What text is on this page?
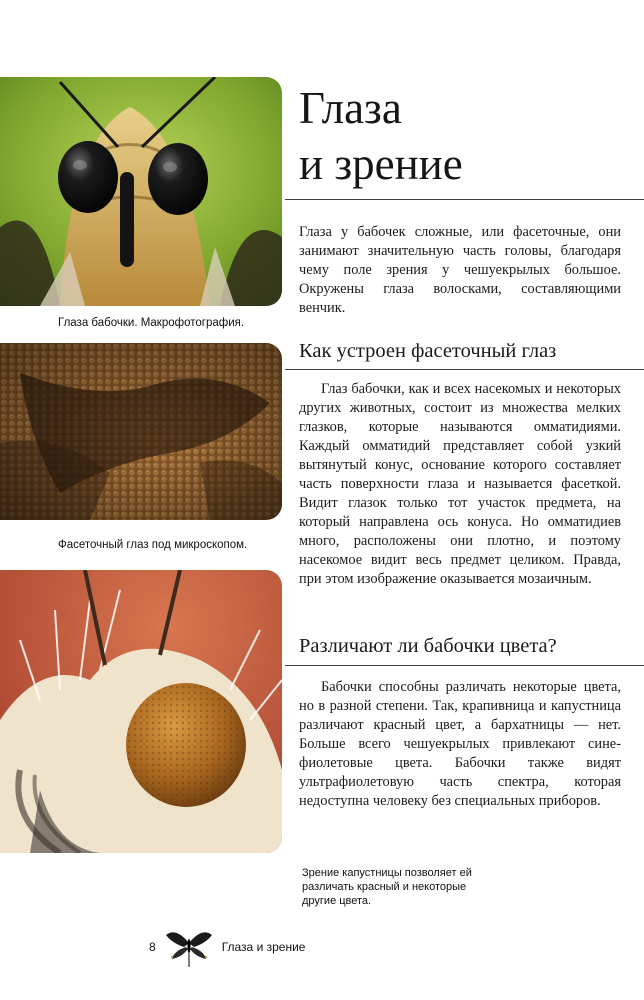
Глаза бабочки. Макрофотография.
Фасеточный глаз под микроскопом.
Зрение капустницы позволяет ей различать красный и некоторые другие цвета.
Глаза
и зрение

Глаза у бабочек сложные, или фасеточные, они занимают значительную часть головы, благодаря чему поле зрения у чешуекрылых большое. Окружены глаза волосками, составляющими венчик.

Как устроен фасеточный глаз

Глаз бабочки, как и всех насекомых и некоторых других животных, состоит из множества мелких глазков, которые называются омматидиями. Каждый омматидий представляет собой узкий вытянутый конус, основание которого составляет часть поверхности глаза и называется фасеткой. Видит глазок только тот участок предмета, на который направлена ось конуса. Но омматидиев много, расположены они плотно, и поэтому насекомое видит весь предмет целиком. Правда, при этом изображение оказывается мозаичным.

Различают ли бабочки цвета?

Бабочки способны различать некоторые цвета, но в разной степени. Так, крапивница и капустница различают красный цвет, а бархатницы — нет. Больше всего чешуекрылых привлекают сине-фиолетовые цвета. Бабочки также видят ультрафиолетовую часть спектра, которая недоступна человеку без специальных приборов.

8	Глаза и зрение
